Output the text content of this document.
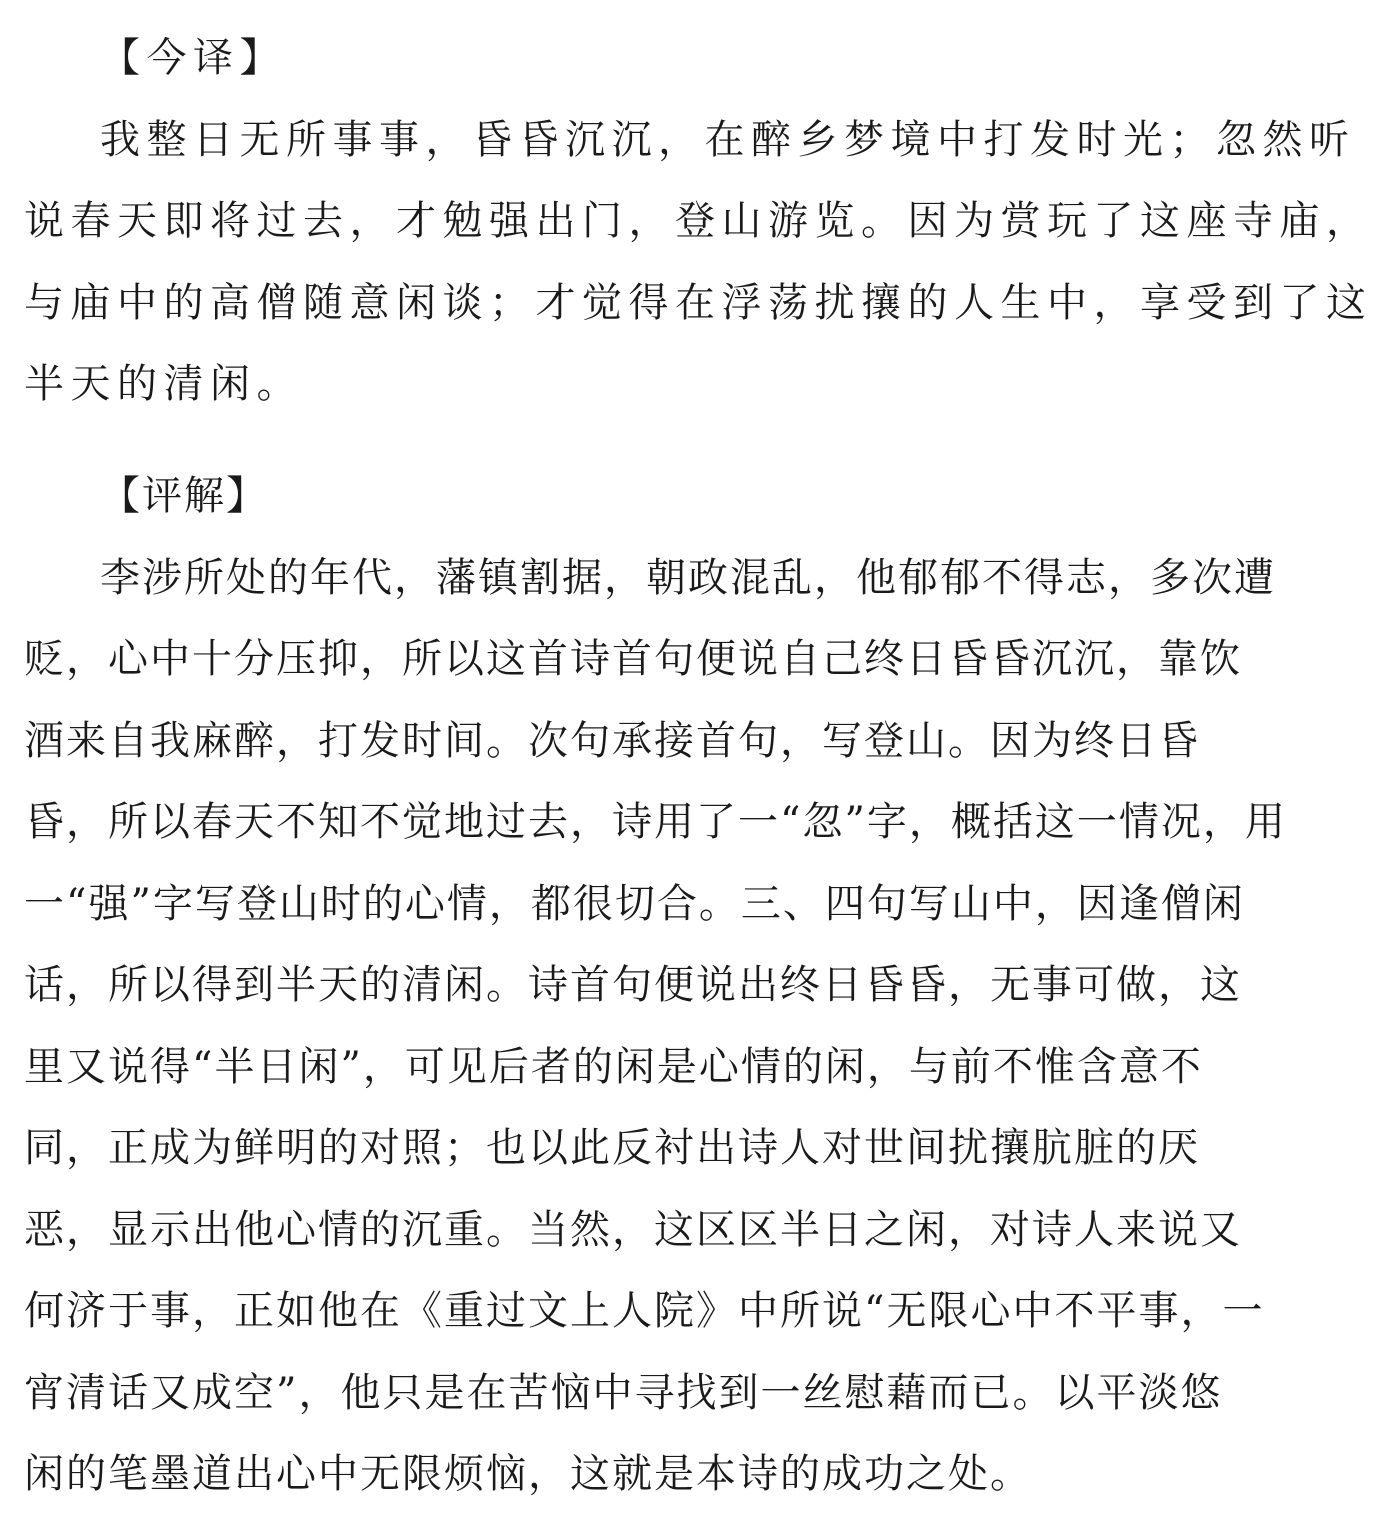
【今译】
我整日无所事事，昏昏沉沉，在醉乡梦境中打发时光；忽然听
说春天即将过去，才勉强出门，登山游览。因为赏玩了这座寺庙，
与庙中的高僧随意闲谈；才觉得在浮荡扰攘的人生中，享受到了这
半天的清闲。
【评解】
李涉所处的年代，藩镇割据，朝政混乱，他郁郁不得志，多次遭
贬，心中十分压抑，所以这首诗首句便说自己终日昏昏沉沉，靠饮
酒来自我麻醉，打发时间。次句承接首句，写登山。因为终日昏
昏，所以春天不知不觉地过去，诗用了一“忽”字，概括这一情况，用
一“强”字写登山时的心情，都很切合。三、四句写山中，因逢僧闲
话，所以得到半天的清闲。诗首句便说出终日昏昏，无事可做，这
里又说得“半日闲”，可见后者的闲是心情的闲，与前不惟含意不
同，正成为鲜明的对照；也以此反衬出诗人对世间扰攘肮脏的厌
恶，显示出他心情的沉重。当然，这区区半日之闲，对诗人来说又
何济于事，正如他在《重过文上人院》中所说“无限心中不平事，一
宵清话又成空”，他只是在苦恼中寻找到一丝慰藉而已。以平淡悠
闲的笔墨道出心中无限烦恼，这就是本诗的成功之处。
